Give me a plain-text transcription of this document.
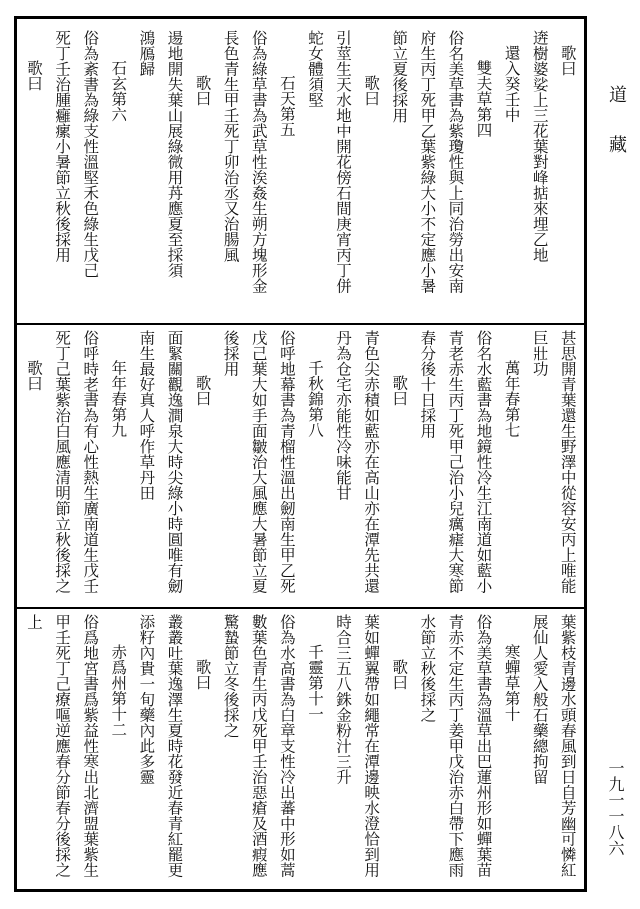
歌曰
逩樹婆娑上三花葉對峰掂來埋乙地
還入癸壬中
雙夫草第四
俗名美草書為紫瓊性與上同治勞出安南
府生丙丁死甲乙葉紫綠大小不定應小暑
節立夏後採用
歌曰
引莖生天水地中開花傍石間庚宵丙丁併
蛇女體須堅
石天第五
俗為綠草書為武草性涘姦生朔方塊形金
長色青生甲壬死丁卯治丞又治腸風
歌曰
逿地開失葉山展綠微用䒟應夏至採須
鴻鴈歸
石玄第六
俗為紊書為綠支性溫堅禾色綠生戊己
死丁壬治腫癰瘰小暑節立秋後採用
歌曰
甚思開青葉還生野澤中從容安丙上唯能
巨壯功
萬年春第七
俗名水藍書為地鏡性冷生江南道如藍小
青老赤生丙丁死甲己治小兒癘瘧大寒節
春分後十日採用
歌曰
青色尖赤積如藍亦在高山亦在潭先共還
丹為仓宅亦能性冷味能甘
千秋錦第八
俗呼地幕書為青榴性溫出劒南生甲乙死
戊己葉大如手面皺治大風應大暑節立夏
後採用
歌曰
面緊關觀逸澗泉大時尖綠小時圓唯有劒
南生最好真人呼作草丹田
年年春第九
俗呼時老書為有心性熱生廣南道生戊壬
死丁己葉紫治白風應清明節立秋後採之
歌曰
葉紫枝青邊水頭春風到日自芳幽可憐紅
展仙人愛入般石藥總拘留
寒蟬草第十
俗為美草書為溫草出巴蓮州形如蟬葉苗
青赤不定生丙丁姜甲戊治赤白帶下應雨
水節立秋後採之
歌曰
葉如蟬翼帶如繩常在潭邊映水澄恰到用
時合三五八銖金粉汁三升
千靈第十一
俗為水高書為白章支性冷出蕃中形如蒿
數葉色青生丙戊死甲壬治惡瘡及酒瘕應
驚蟄節立冬後採之
歌曰
叢叢吐葉逸澤生夏時花發近春青紅罷更
添籽內貴一旬藥內此多靈
赤爲州第十二
俗爲地宮書爲紫益性寒出北濟盟葉紫生
甲壬死丁己療嘔逆應春分節春分後採之
上
道
藏
一九一一八六
